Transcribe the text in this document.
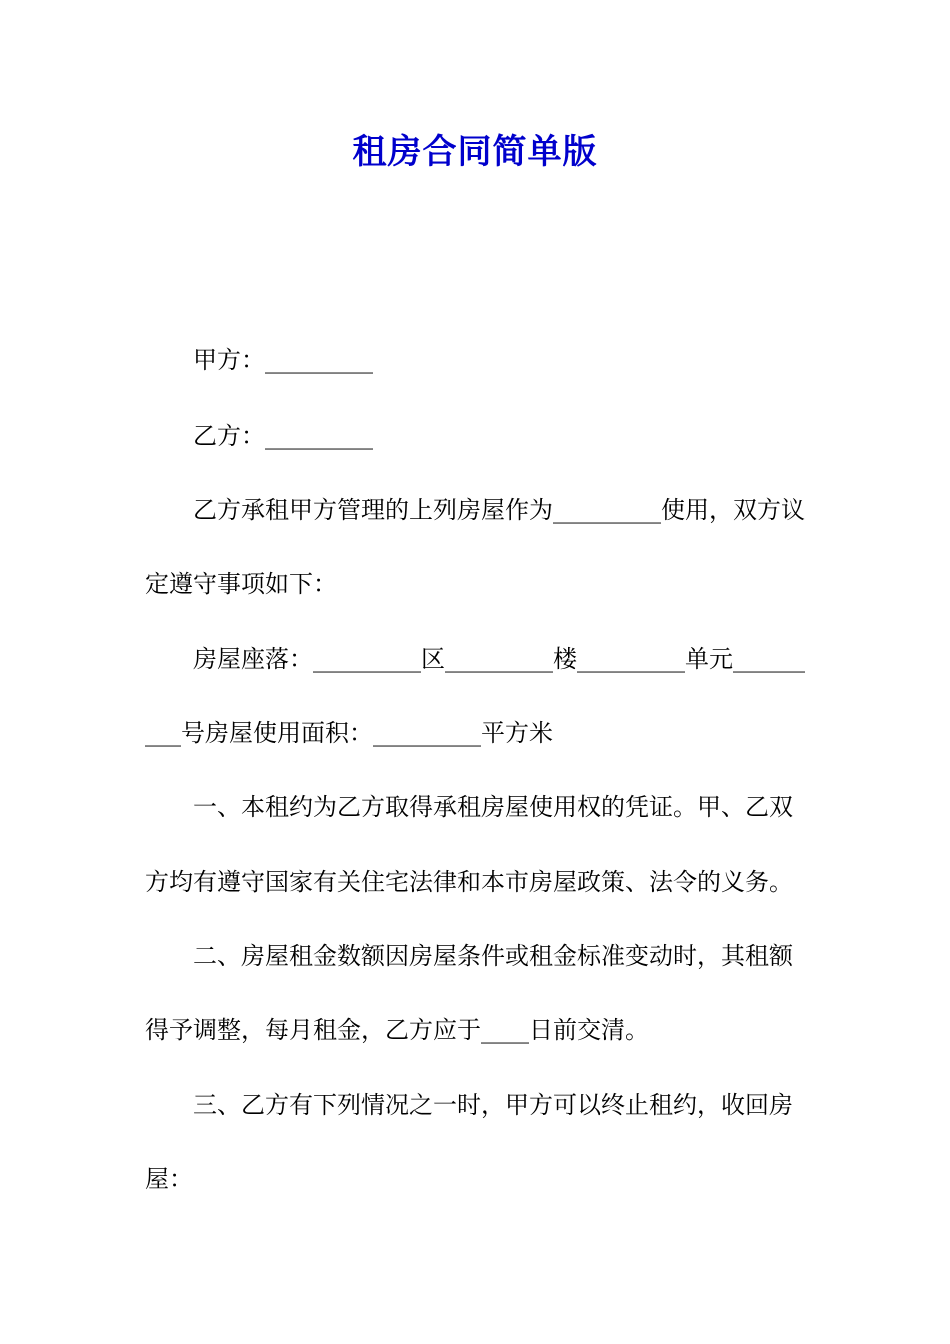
租房合同简单版
甲方：_________
乙方：_________
乙方承租甲方管理的上列房屋作为_________使用，双方议
定遵守事项如下：
房屋座落：_________区_________楼_________单元______
___号房屋使用面积：_________平方米
一、本租约为乙方取得承租房屋使用权的凭证。甲、乙双
方均有遵守国家有关住宅法律和本市房屋政策、法令的义务。
二、房屋租金数额因房屋条件或租金标准变动时，其租额
得予调整，每月租金，乙方应于____日前交清。
三、乙方有下列情况之一时，甲方可以终止租约，收回房
屋：
